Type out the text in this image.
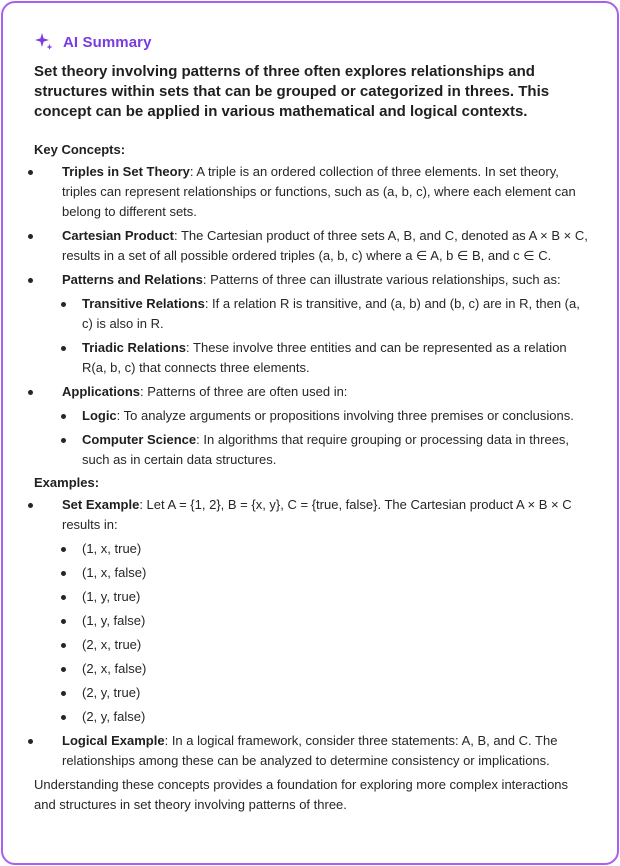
AI Summary

Set theory involving patterns of three often explores relationships and structures within sets that can be grouped or categorized in threes. This concept can be applied in various mathematical and logical contexts.

Key Concepts:

Triples in Set Theory: A triple is an ordered collection of three elements. In set theory, triples can represent relationships or functions, such as (a, b, c), where each element can belong to different sets.
Cartesian Product: The Cartesian product of three sets A, B, and C, denoted as A × B × C, results in a set of all possible ordered triples (a, b, c) where a ∈ A, b ∈ B, and c ∈ C.
Patterns and Relations: Patterns of three can illustrate various relationships, such as:
Transitive Relations: If a relation R is transitive, and (a, b) and (b, c) are in R, then (a, c) is also in R.
Triadic Relations: These involve three entities and can be represented as a relation R(a, b, c) that connects three elements.
Applications: Patterns of three are often used in:
Logic: To analyze arguments or propositions involving three premises or conclusions.
Computer Science: In algorithms that require grouping or processing data in threes, such as in certain data structures.

Examples:

Set Example: Let A = {1, 2}, B = {x, y}, C = {true, false}. The Cartesian product A × B × C results in:
(1, x, true)
(1, x, false)
(1, y, true)
(1, y, false)
(2, x, true)
(2, x, false)
(2, y, true)
(2, y, false)
Logical Example: In a logical framework, consider three statements: A, B, and C. The relationships among these can be analyzed to determine consistency or implications.

Understanding these concepts provides a foundation for exploring more complex interactions and structures in set theory involving patterns of three.
